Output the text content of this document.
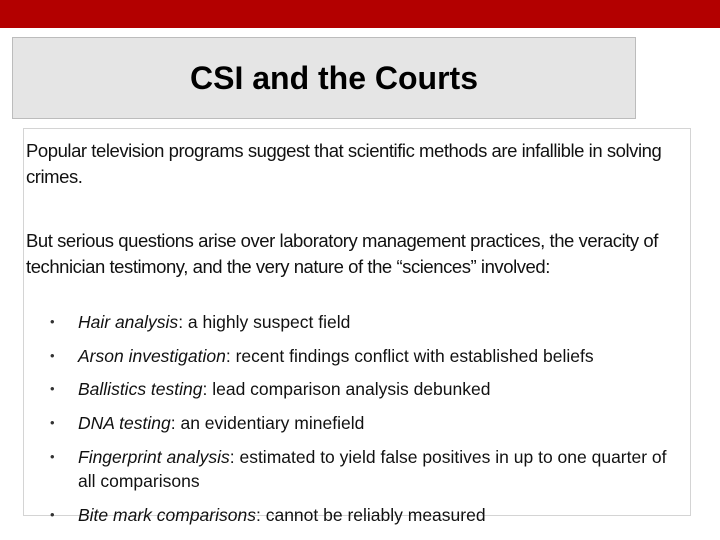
CSI and the Courts
Popular television programs suggest that scientific methods are infallible in solving crimes.
But serious questions arise over laboratory management practices, the veracity of technician testimony, and the very nature of the “sciences” involved:
• Hair analysis: a highly suspect field
• Arson investigation: recent findings conflict with established beliefs
• Ballistics testing: lead comparison analysis debunked
• DNA testing: an evidentiary minefield
• Fingerprint analysis: estimated to yield false positives in up to one quarter of all comparisons
• Bite mark comparisons: cannot be reliably measured
